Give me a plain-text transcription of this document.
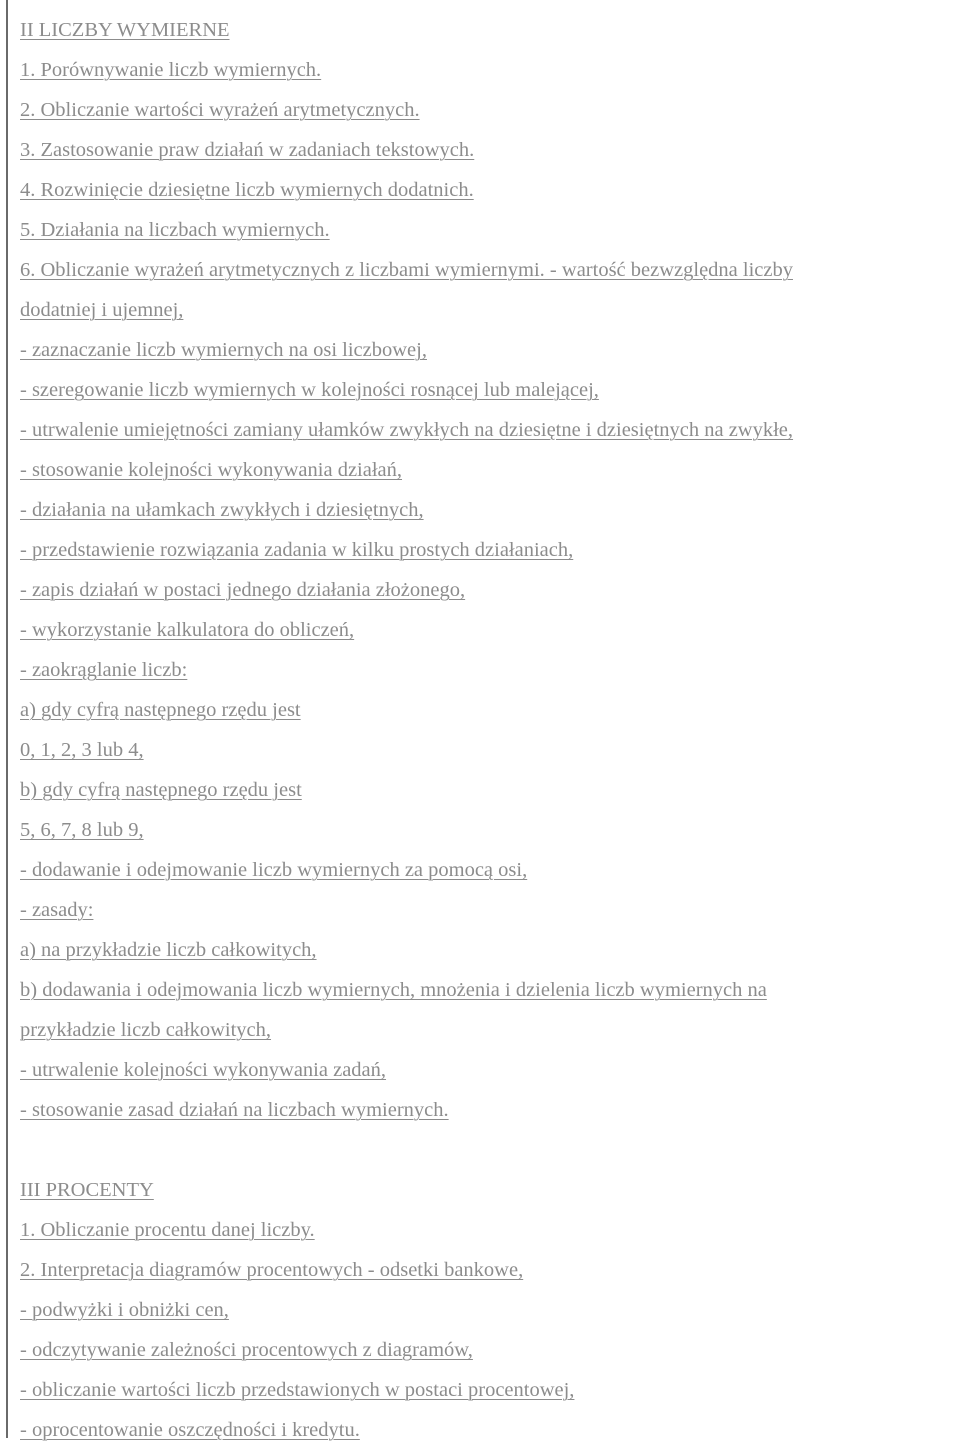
II LICZBY WYMIERNE
1. Porównywanie liczb wymiernych.
2. Obliczanie wartości wyrażeń arytmetycznych.
3. Zastosowanie praw działań w zadaniach tekstowych.
4. Rozwinięcie dziesiętne liczb wymiernych dodatnich.
5. Działania na liczbach wymiernych.
6. Obliczanie wyrażeń arytmetycznych z liczbami wymiernymi. - wartość bezwzględna liczby
dodatniej i ujemnej,
- zaznaczanie liczb wymiernych na osi liczbowej,
- szeregowanie liczb wymiernych w kolejności rosnącej lub malejącej,
- utrwalenie umiejętności zamiany ułamków zwykłych na dziesiętne i dziesiętnych na zwykłe,
- stosowanie kolejności wykonywania działań,
- działania na ułamkach zwykłych i dziesiętnych,
- przedstawienie rozwiązania zadania w kilku prostych działaniach,
- zapis działań w postaci jednego działania złożonego,
- wykorzystanie kalkulatora do obliczeń,
- zaokrąglanie liczb:
a) gdy cyfrą następnego rzędu jest
0, 1, 2, 3 lub 4,
b) gdy cyfrą następnego rzędu jest
5, 6, 7, 8 lub 9,
- dodawanie i odejmowanie liczb wymiernych za pomocą osi,
- zasady:
a) na przykładzie liczb całkowitych,
b) dodawania i odejmowania liczb wymiernych, mnożenia i dzielenia liczb wymiernych na
przykładzie liczb całkowitych,
- utrwalenie kolejności wykonywania zadań,
- stosowanie zasad działań na liczbach wymiernych.
III PROCENTY
1. Obliczanie procentu danej liczby.
2. Interpretacja diagramów procentowych - odsetki bankowe,
- podwyżki i obniżki cen,
- odczytywanie zależności procentowych z diagramów,
- obliczanie wartości liczb przedstawionych w postaci procentowej,
- oprocentowanie oszczędności i kredytu.
